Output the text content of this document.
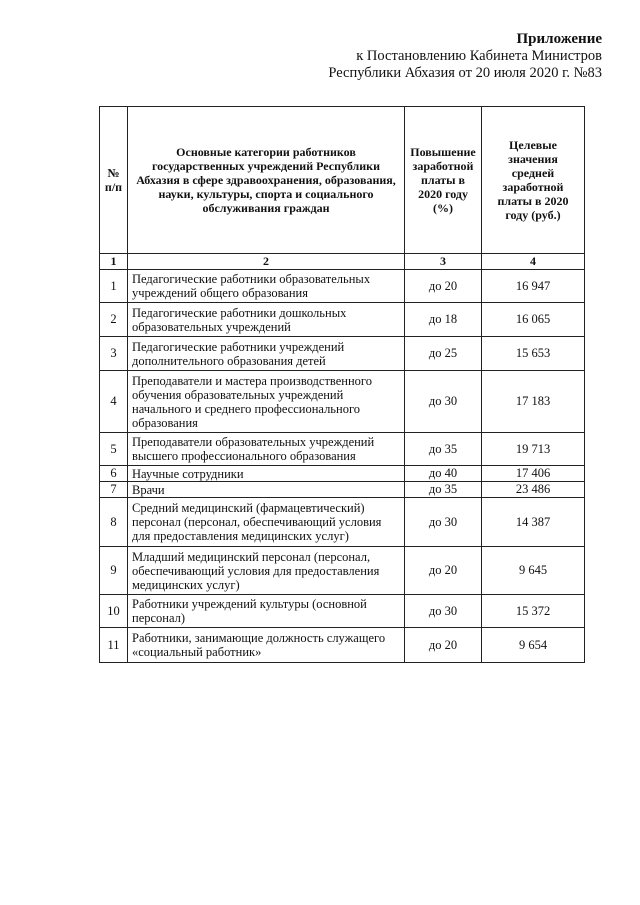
Приложение
к Постановлению Кабинета Министров
Республики Абхазия от 20 июля 2020 г. №83
№ п/п	Основные категории работников государственных учреждений Республики Абхазия в сфере здравоохранения, образования, науки, культуры, спорта и социального обслуживания граждан	Повышение заработной платы в 2020 году (%)	Целевые значения средней заработной платы в 2020 году (руб.)
1	2	3	4
1	Педагогические работники образовательных учреждений общего образования	до 20	16 947
2	Педагогические работники дошкольных образовательных учреждений	до 18	16 065
3	Педагогические работники учреждений дополнительного образования детей	до 25	15 653
4	Преподаватели и мастера производственного обучения образовательных учреждений начального и среднего профессионального образования	до 30	17 183
5	Преподаватели образовательных учреждений высшего профессионального образования	до 35	19 713
6	Научные сотрудники	до 40	17 406
7	Врачи	до 35	23 486
8	Средний медицинский (фармацевтический) персонал (персонал, обеспечивающий условия для предоставления медицинских услуг)	до 30	14 387
9	Младший медицинский персонал (персонал, обеспечивающий условия для предоставления медицинских услуг)	до 20	9 645
10	Работники учреждений культуры (основной персонал)	до 30	15 372
11	Работники, занимающие должность служащего «социальный работник»	до 20	9 654
